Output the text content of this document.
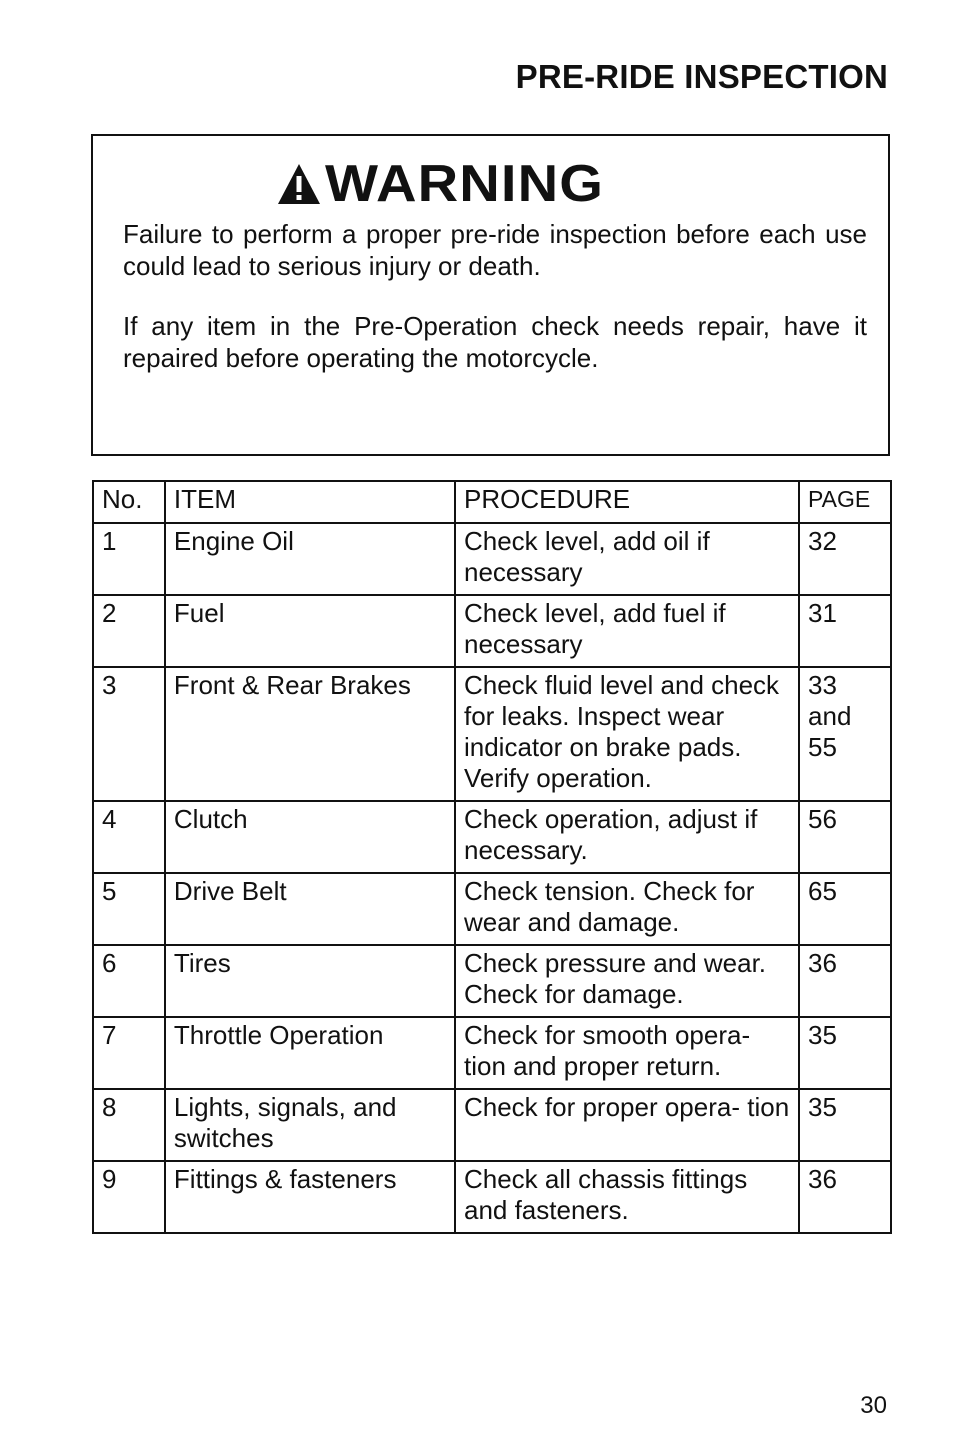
PRE-RIDE INSPECTION
WARNING

Failure to perform a proper pre-ride inspection before each use could lead to serious injury or death.

If any item in the Pre-Operation check needs repair, have it repaired before operating the motorcycle.

No.	ITEM	PROCEDURE	PAGE
1	Engine Oil	Check level, add oil if necessary	32
2	Fuel	Check level, add fuel if necessary	31
3	Front & Rear Brakes	Check fluid level and check for leaks. Inspect wear indicator on brake pads. Verify operation.	33 and 55
4	Clutch	Check operation, adjust if necessary.	56
5	Drive Belt	Check tension. Check for wear and damage.	65
6	Tires	Check pressure and wear. Check for damage.	36
7	Throttle Operation	Check for smooth opera- tion and proper return.	35
8	Lights, signals, and switches	Check for proper opera- tion	35
9	Fittings & fasteners	Check all chassis fittings and fasteners.	36
30
